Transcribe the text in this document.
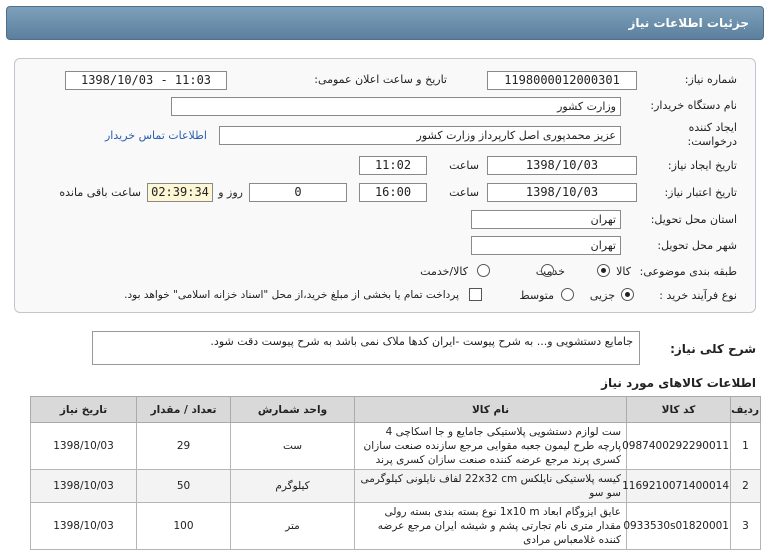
جزئیات اطلاعات نیاز
شماره نیاز:
1198000012000301
تاریخ و ساعت اعلان عمومی:
1398/10/03 - 11:03
نام دستگاه خریدار:
وزارت کشور
ایجاد کننده
درخواست:
عزیز محمدپوری اصل کارپرداز وزارت کشور
اطلاعات تماس خریدار
تاریخ ایجاد نیاز:
1398/10/03
ساعت
11:02
تاریخ اعتبار نیاز:
1398/10/03
ساعت
16:00
0
روز و
02:39:34
ساعت باقی مانده
استان محل تحویل:
تهران
شهر محل تحویل:
تهران
طبقه بندی موضوعی:
کالا
خدمت
کالا/خدمت
نوع فرآیند خرید :
جزیی
متوسط
پرداخت تمام یا بخشی از مبلغ خرید،از محل "اسناد خزانه اسلامی" خواهد بود.
شرح کلی نیاز:
جامایع دستشویی و... به شرح پیوست -ایران کدها ملاک نمی باشد به شرح پیوست دقت شود.
اطلاعات کالاهای مورد نیاز
ردیف	کد کالا	نام کالا	واحد شمارش	تعداد / مقدار	تاریخ نیاز
1	0987400292290011	ست لوازم دستشویی پلاستیکی جامایع و جا اسکاچی 4 پارچه طرح لیمون جعبه مقوایی مرجع سازنده صنعت سازان کسری پرند مرجع عرضه کننده صنعت سازان کسری پرند	ست	29	1398/10/03
2	1169210071400014	کیسه پلاستیکی نایلکس 22x32 cm لفاف نایلونی کیلوگرمی سو سو	کیلوگرم	50	1398/10/03
3	0933530s01820001	عایق ایزوگام ابعاد 1x10 m نوع بسته بندی بسته رولی مقدار متری نام تجارتی پشم و شیشه ایران مرجع عرضه کننده غلامعباس مرادی	متر	100	1398/10/03
